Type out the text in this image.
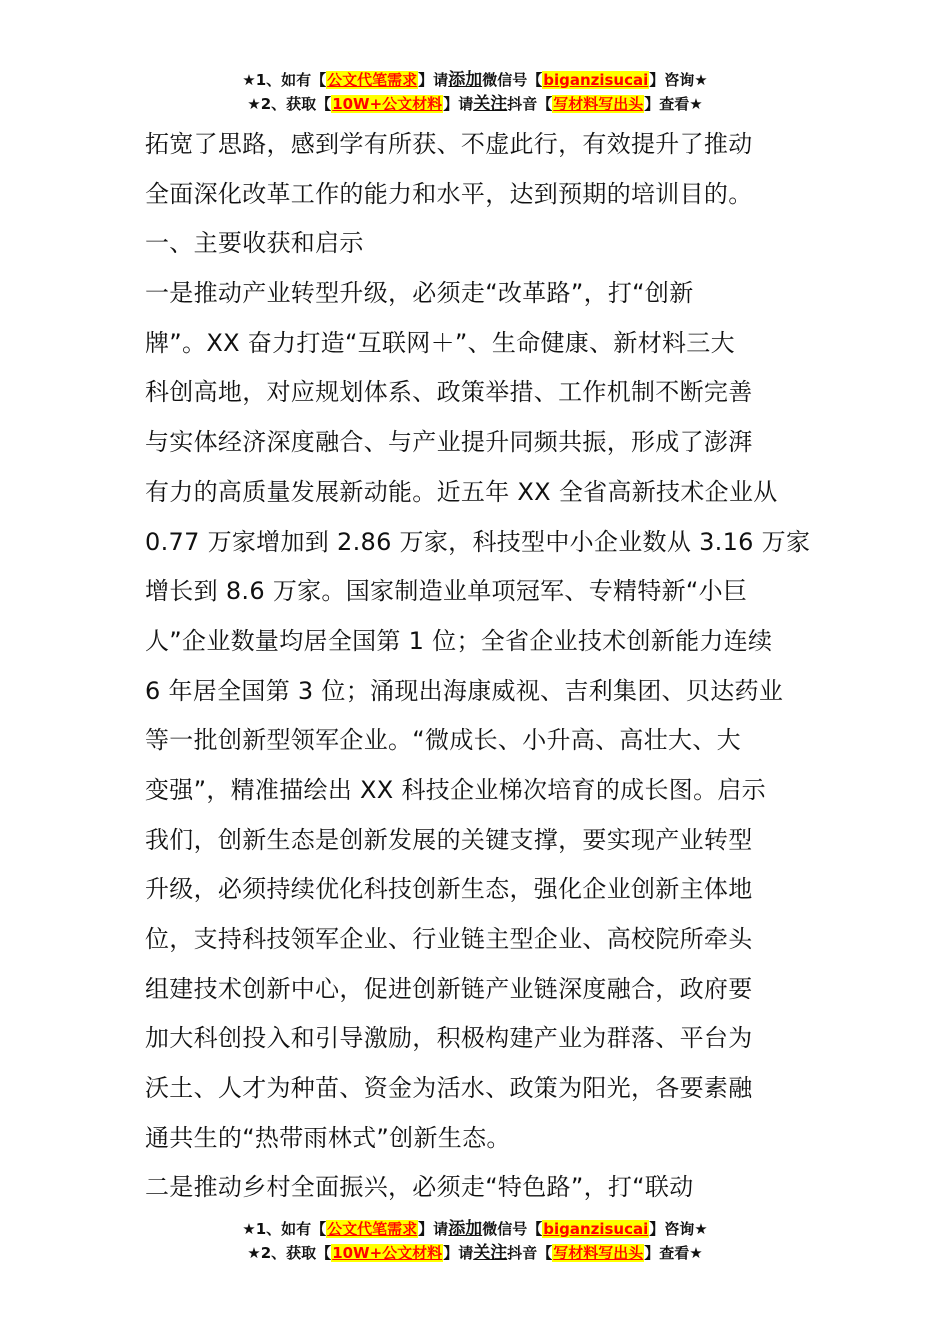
★1、如有【公文代笔需求】请添加微信号【biganzisucai】咨询★
★2、获取【10W+公文材料】请关注抖音【写材料写出头】查看★
拓宽了思路，感到学有所获、不虚此行，有效提升了推动
全面深化改革工作的能力和水平，达到预期的培训目的。
一、主要收获和启示
一是推动产业转型升级，必须走“改革路”，打“创新
牌”。XX 奋力打造“互联网＋”、生命健康、新材料三大
科创高地，对应规划体系、政策举措、工作机制不断完善
与实体经济深度融合、与产业提升同频共振，形成了澎湃
有力的高质量发展新动能。近五年 XX 全省高新技术企业从
0.77 万家增加到 2.86 万家，科技型中小企业数从 3.16 万家
增长到 8.6 万家。国家制造业单项冠军、专精特新“小巨
人”企业数量均居全国第 1 位；全省企业技术创新能力连续
6 年居全国第 3 位；涌现出海康威视、吉利集团、贝达药业
等一批创新型领军企业。“微成长、小升高、高壮大、大
变强”，精准描绘出 XX 科技企业梯次培育的成长图。启示
我们，创新生态是创新发展的关键支撑，要实现产业转型
升级，必须持续优化科技创新生态，强化企业创新主体地
位，支持科技领军企业、行业链主型企业、高校院所牵头
组建技术创新中心，促进创新链产业链深度融合，政府要
加大科创投入和引导激励，积极构建产业为群落、平台为
沃土、人才为种苗、资金为活水、政策为阳光，各要素融
通共生的“热带雨林式”创新生态。
二是推动乡村全面振兴，必须走“特色路”，打“联动
★1、如有【公文代笔需求】请添加微信号【biganzisucai】咨询★
★2、获取【10W+公文材料】请关注抖音【写材料写出头】查看★
